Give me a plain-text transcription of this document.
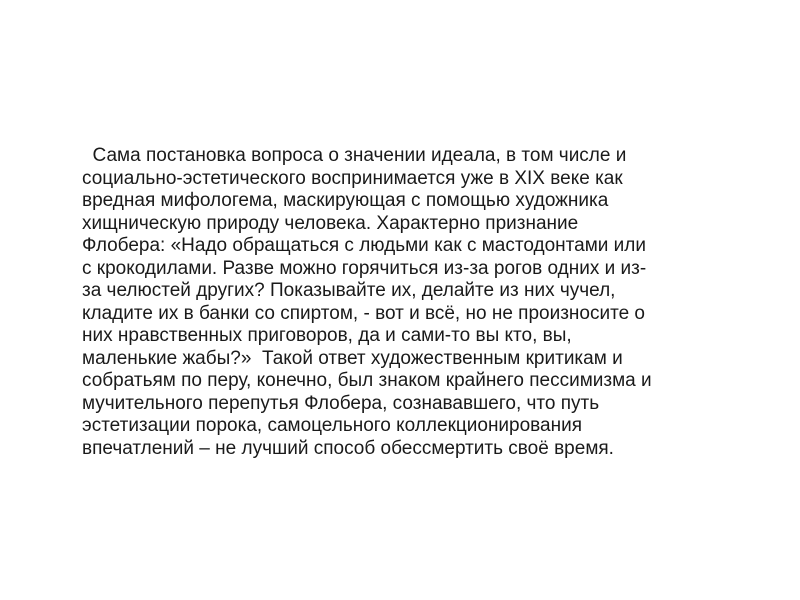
Сама постановка вопроса о значении идеала, в том числе и
социально-эстетического воспринимается уже в XIX веке как
вредная мифологема, маскирующая с помощью художника
хищническую природу человека. Характерно признание
Флобера: «Надо обращаться с людьми как с мастодонтами или
с крокодилами. Разве можно горячиться из-за рогов одних и из-
за челюстей других? Показывайте их, делайте из них чучел,
кладите их в банки со спиртом, - вот и всё, но не произносите о
них нравственных приговоров, да и сами-то вы кто, вы,
маленькие жабы?»  Такой ответ художественным критикам и
собратьям по перу, конечно, был знаком крайнего пессимизма и
мучительного перепутья Флобера, сознававшего, что путь
эстетизации порока, самоцельного коллекционирования
впечатлений – не лучший способ обессмертить своё время.
